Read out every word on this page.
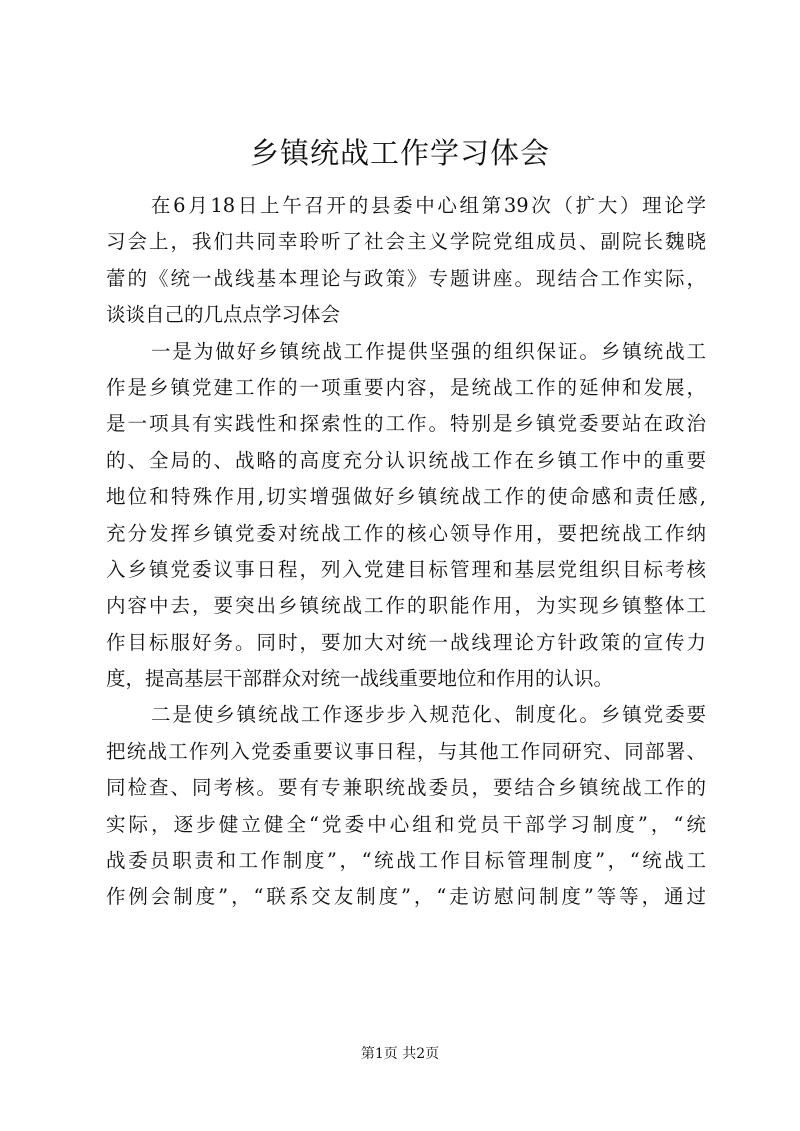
乡镇统战工作学习体会
在6月18日上午召开的县委中心组第39次（扩大）理论学
习会上，我们共同幸聆听了社会主义学院党组成员、副院长魏晓
蕾的《统一战线基本理论与政策》专题讲座。现结合工作实际，
谈谈自己的几点点学习体会
一是为做好乡镇统战工作提供坚强的组织保证。乡镇统战工
作是乡镇党建工作的一项重要内容，是统战工作的延伸和发展，
是一项具有实践性和探索性的工作。特别是乡镇党委要站在政治
的、全局的、战略的高度充分认识统战工作在乡镇工作中的重要
地位和特殊作用,切实增强做好乡镇统战工作的使命感和责任感,
充分发挥乡镇党委对统战工作的核心领导作用，要把统战工作纳
入乡镇党委议事日程，列入党建目标管理和基层党组织目标考核
内容中去，要突出乡镇统战工作的职能作用，为实现乡镇整体工
作目标服好务。同时，要加大对统一战线理论方针政策的宣传力
度，提高基层干部群众对统一战线重要地位和作用的认识。
二是使乡镇统战工作逐步步入规范化、制度化。乡镇党委要
把统战工作列入党委重要议事日程，与其他工作同研究、同部署、
同检查、同考核。要有专兼职统战委员，要结合乡镇统战工作的
实际，逐步健立健全“党委中心组和党员干部学习制度”，“统
战委员职责和工作制度”，“统战工作目标管理制度”，“统战工
作例会制度”，“联系交友制度”，“走访慰问制度”等等，通过
第1页 共2页
